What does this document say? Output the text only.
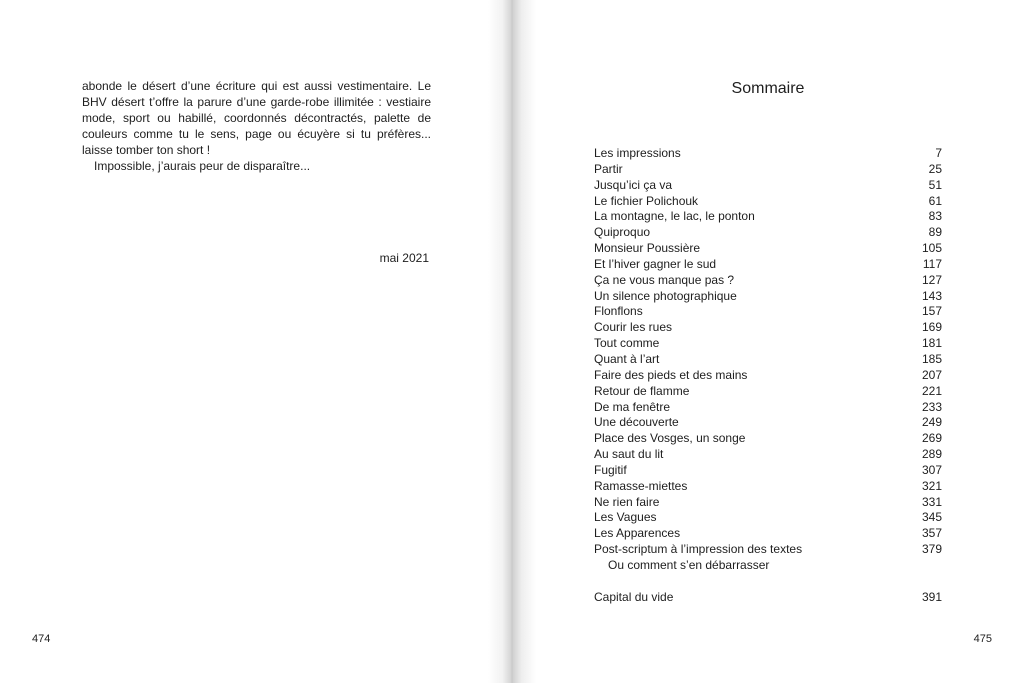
abonde le désert d’une écriture qui est aussi vestimentaire. Le BHV désert t’offre la parure d’une garde-robe illimitée : vestiaire mode, sport ou habillé, coordonnés décontractés, palette de couleurs comme tu le sens, page ou écuyère si tu préfères... laisse tomber ton short !

Impossible, j’aurais peur de disparaître...

mai 2021
474
Sommaire
Les impressions	7
Partir	25
Jusqu’ici ça va	51
Le fichier Polichouk	61
La montagne, le lac, le ponton	83
Quiproquo	89
Monsieur Poussière	105
Et l’hiver gagner le sud	117
Ça ne vous manque pas ?	127
Un silence photographique	143
Flonflons	157
Courir les rues	169
Tout comme	181
Quant à l’art	185
Faire des pieds et des mains	207
Retour de flamme	221
De ma fenêtre	233
Une découverte	249
Place des Vosges, un songe	269
Au saut du lit	289
Fugitif	307
Ramasse-miettes	321
Ne rien faire	331
Les Vagues	345
Les Apparences	357
Post-scriptum à l’impression des textes	379
Ou comment s’en débarrasser
Capital du vide	391
475
